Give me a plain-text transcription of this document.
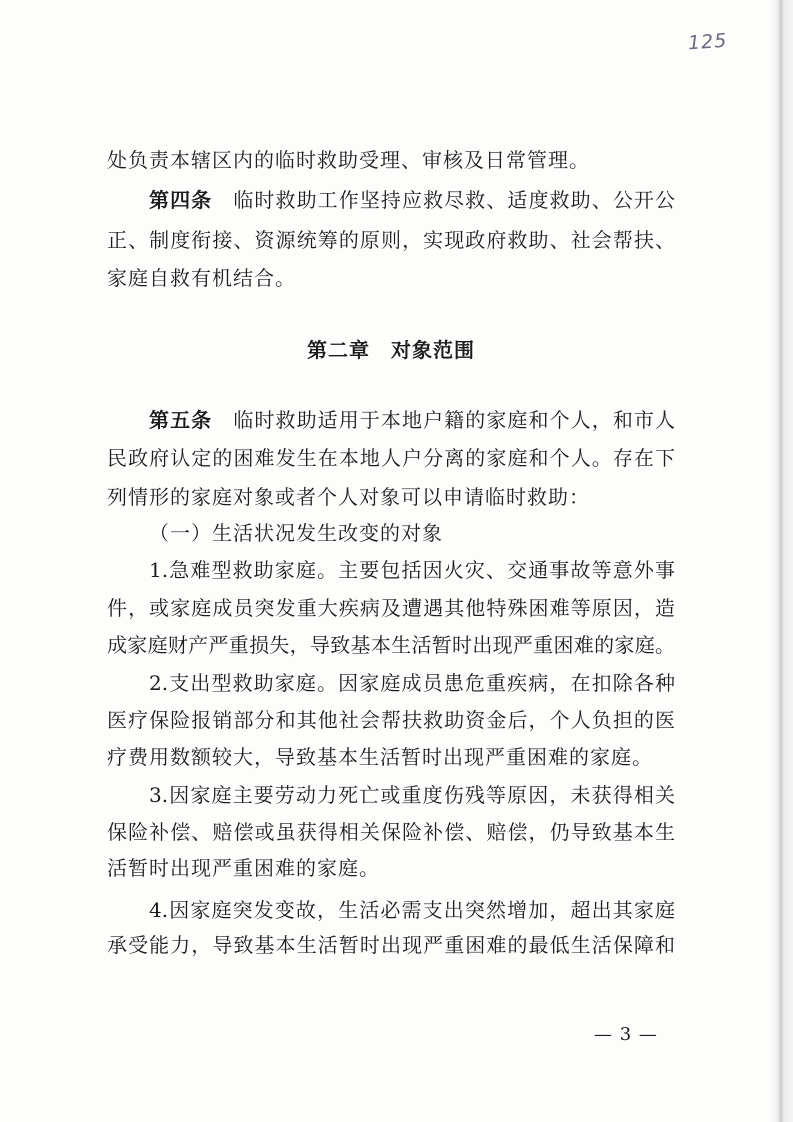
125
处负责本辖区内的临时救助受理、审核及日常管理。
第四条　临时救助工作坚持应救尽救、适度救助、公开公
正、制度衔接、资源统筹的原则，实现政府救助、社会帮扶、
家庭自救有机结合。
第二章　对象范围
第五条　临时救助适用于本地户籍的家庭和个人，和市人
民政府认定的困难发生在本地人户分离的家庭和个人。存在下
列情形的家庭对象或者个人对象可以申请临时救助：
（一）生活状况发生改变的对象
1.急难型救助家庭。主要包括因火灾、交通事故等意外事
件，或家庭成员突发重大疾病及遭遇其他特殊困难等原因，造
成家庭财产严重损失，导致基本生活暂时出现严重困难的家庭。
2.支出型救助家庭。因家庭成员患危重疾病，在扣除各种
医疗保险报销部分和其他社会帮扶救助资金后，个人负担的医
疗费用数额较大，导致基本生活暂时出现严重困难的家庭。
3.因家庭主要劳动力死亡或重度伤残等原因，未获得相关
保险补偿、赔偿或虽获得相关保险补偿、赔偿，仍导致基本生
活暂时出现严重困难的家庭。
4.因家庭突发变故，生活必需支出突然增加，超出其家庭
承受能力，导致基本生活暂时出现严重困难的最低生活保障和
— 3 —
